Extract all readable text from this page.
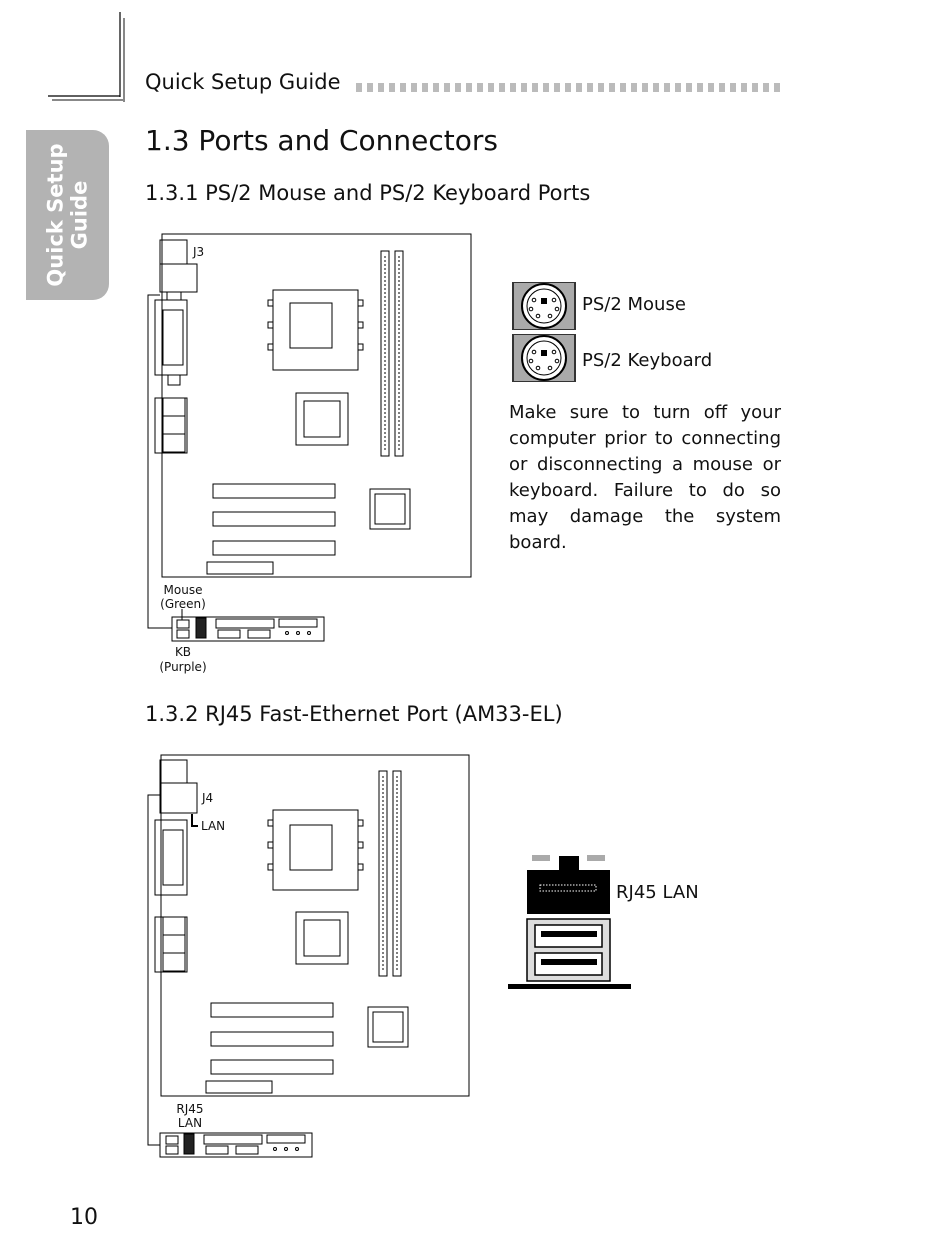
Quick Setup Guide
Quick Setup
Guide
1.3 Ports and Connectors
1.3.1 PS/2 Mouse and PS/2 Keyboard Ports
1.3.2 RJ45 Fast-Ethernet Port (AM33-EL)
J3
Mouse
(Green)
KB
(Purple)
PS/2 Mouse
PS/2 Keyboard
Make sure to turn off your computer prior to connecting or disconnecting a mouse or keyboard. Failure to do so may damage the system board.
J4
LAN
RJ45
LAN
RJ45 LAN
10
